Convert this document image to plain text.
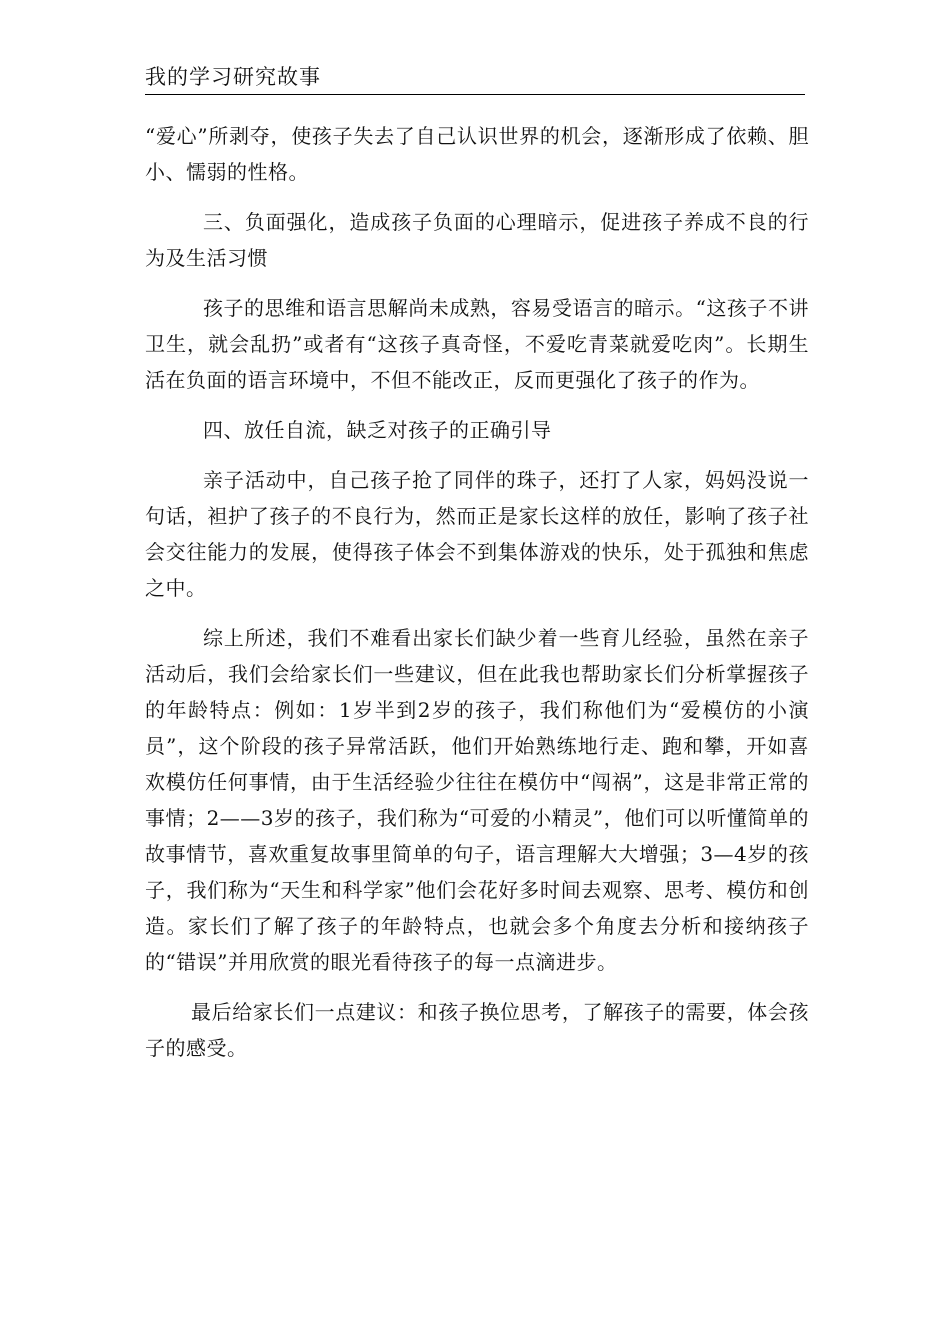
我的学习研究故事

“爱心”所剥夺，使孩子失去了自己认识世界的机会，逐渐形成了依赖、胆小、懦弱的性格。

三、负面强化，造成孩子负面的心理暗示，促进孩子养成不良的行为及生活习惯

孩子的思维和语言思解尚未成熟，容易受语言的暗示。“这孩子不讲卫生，就会乱扔”或者有“这孩子真奇怪，不爱吃青菜就爱吃肉”。长期生活在负面的语言环境中，不但不能改正，反而更强化了孩子的作为。

四、放任自流，缺乏对孩子的正确引导

亲子活动中，自己孩子抢了同伴的珠子，还打了人家，妈妈没说一句话，袒护了孩子的不良行为，然而正是家长这样的放任，影响了孩子社会交往能力的发展，使得孩子体会不到集体游戏的快乐，处于孤独和焦虑之中。

综上所述，我们不难看出家长们缺少着一些育儿经验，虽然在亲子活动后，我们会给家长们一些建议，但在此我也帮助家长们分析掌握孩子的年龄特点：例如：1岁半到2岁的孩子，我们称他们为“爱模仿的小演员”，这个阶段的孩子异常活跃，他们开始熟练地行走、跑和攀，开如喜欢模仿任何事情，由于生活经验少往往在模仿中“闯祸”，这是非常正常的事情；2——3岁的孩子，我们称为“可爱的小精灵”，他们可以听懂简单的故事情节，喜欢重复故事里简单的句子，语言理解大大增强；3—4岁的孩子，我们称为“天生和科学家”他们会花好多时间去观察、思考、模仿和创造。家长们了解了孩子的年龄特点，也就会多个角度去分析和接纳孩子的“错误”并用欣赏的眼光看待孩子的每一点滴进步。

最后给家长们一点建议：和孩子换位思考，了解孩子的需要，体会孩子的感受。
